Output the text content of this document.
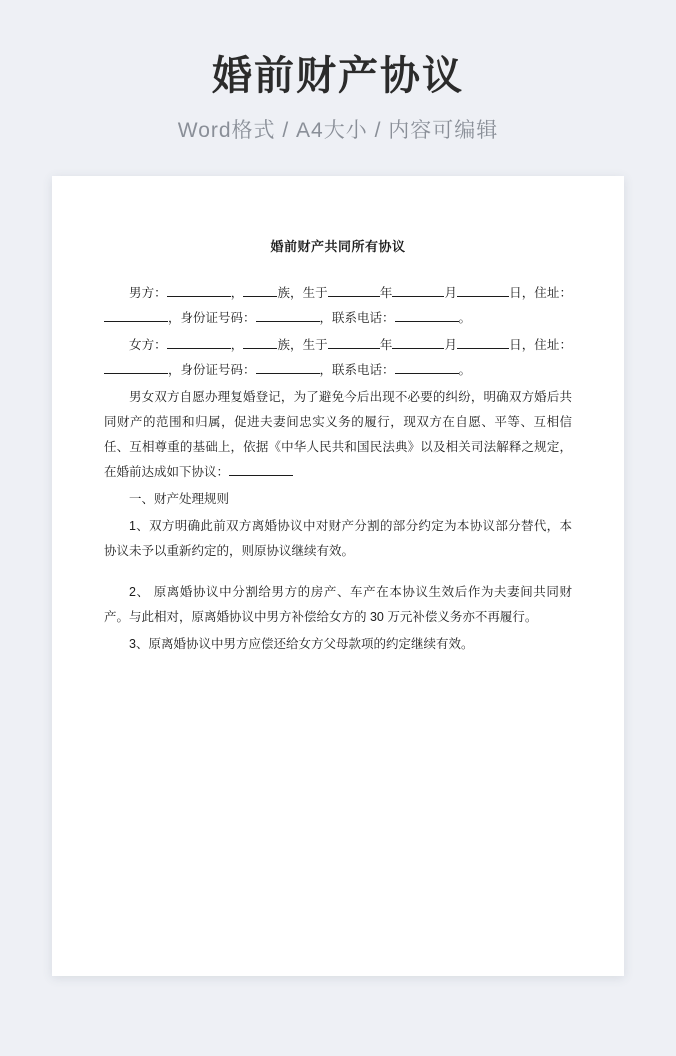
婚前财产协议
Word格式 / A4大小 / 内容可编辑
婚前财产共同所有协议

男方：	，	族，生于	年	月	日，住址：，身份证号码：	，联系电话：	。

女方：	，	族，生于	年	月	日，住址：，身份证号码：	，联系电话：	。

男女双方自愿办理复婚登记，为了避免今后出现不必要的纠纷，明确双方婚后共同财产的范围和归属，促进夫妻间忠实义务的履行，现双方在自愿、平等、互相信任、互相尊重的基础上，依据《中华人民共和国民法典》以及相关司法解释之规定，在婚前达成如下协议：

一、财产处理规则

1、双方明确此前双方离婚协议中对财产分割的部分约定为本协议部分替代，本协议未予以重新约定的，则原协议继续有效。

2、 原离婚协议中分割给男方的房产、车产在本协议生效后作为夫妻间共同财产。与此相对，原离婚协议中男方补偿给女方的 30 万元补偿义务亦不再履行。

3、原离婚协议中男方应偿还给女方父母款项的约定继续有效。
